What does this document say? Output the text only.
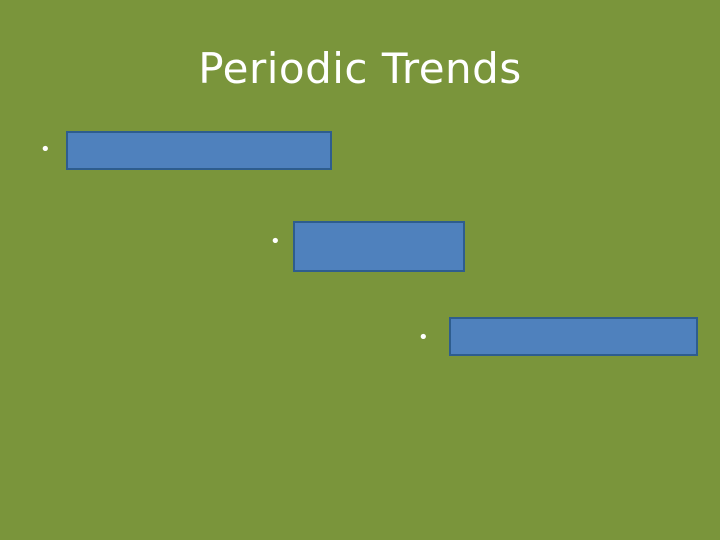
Periodic Trends
•
•
•
